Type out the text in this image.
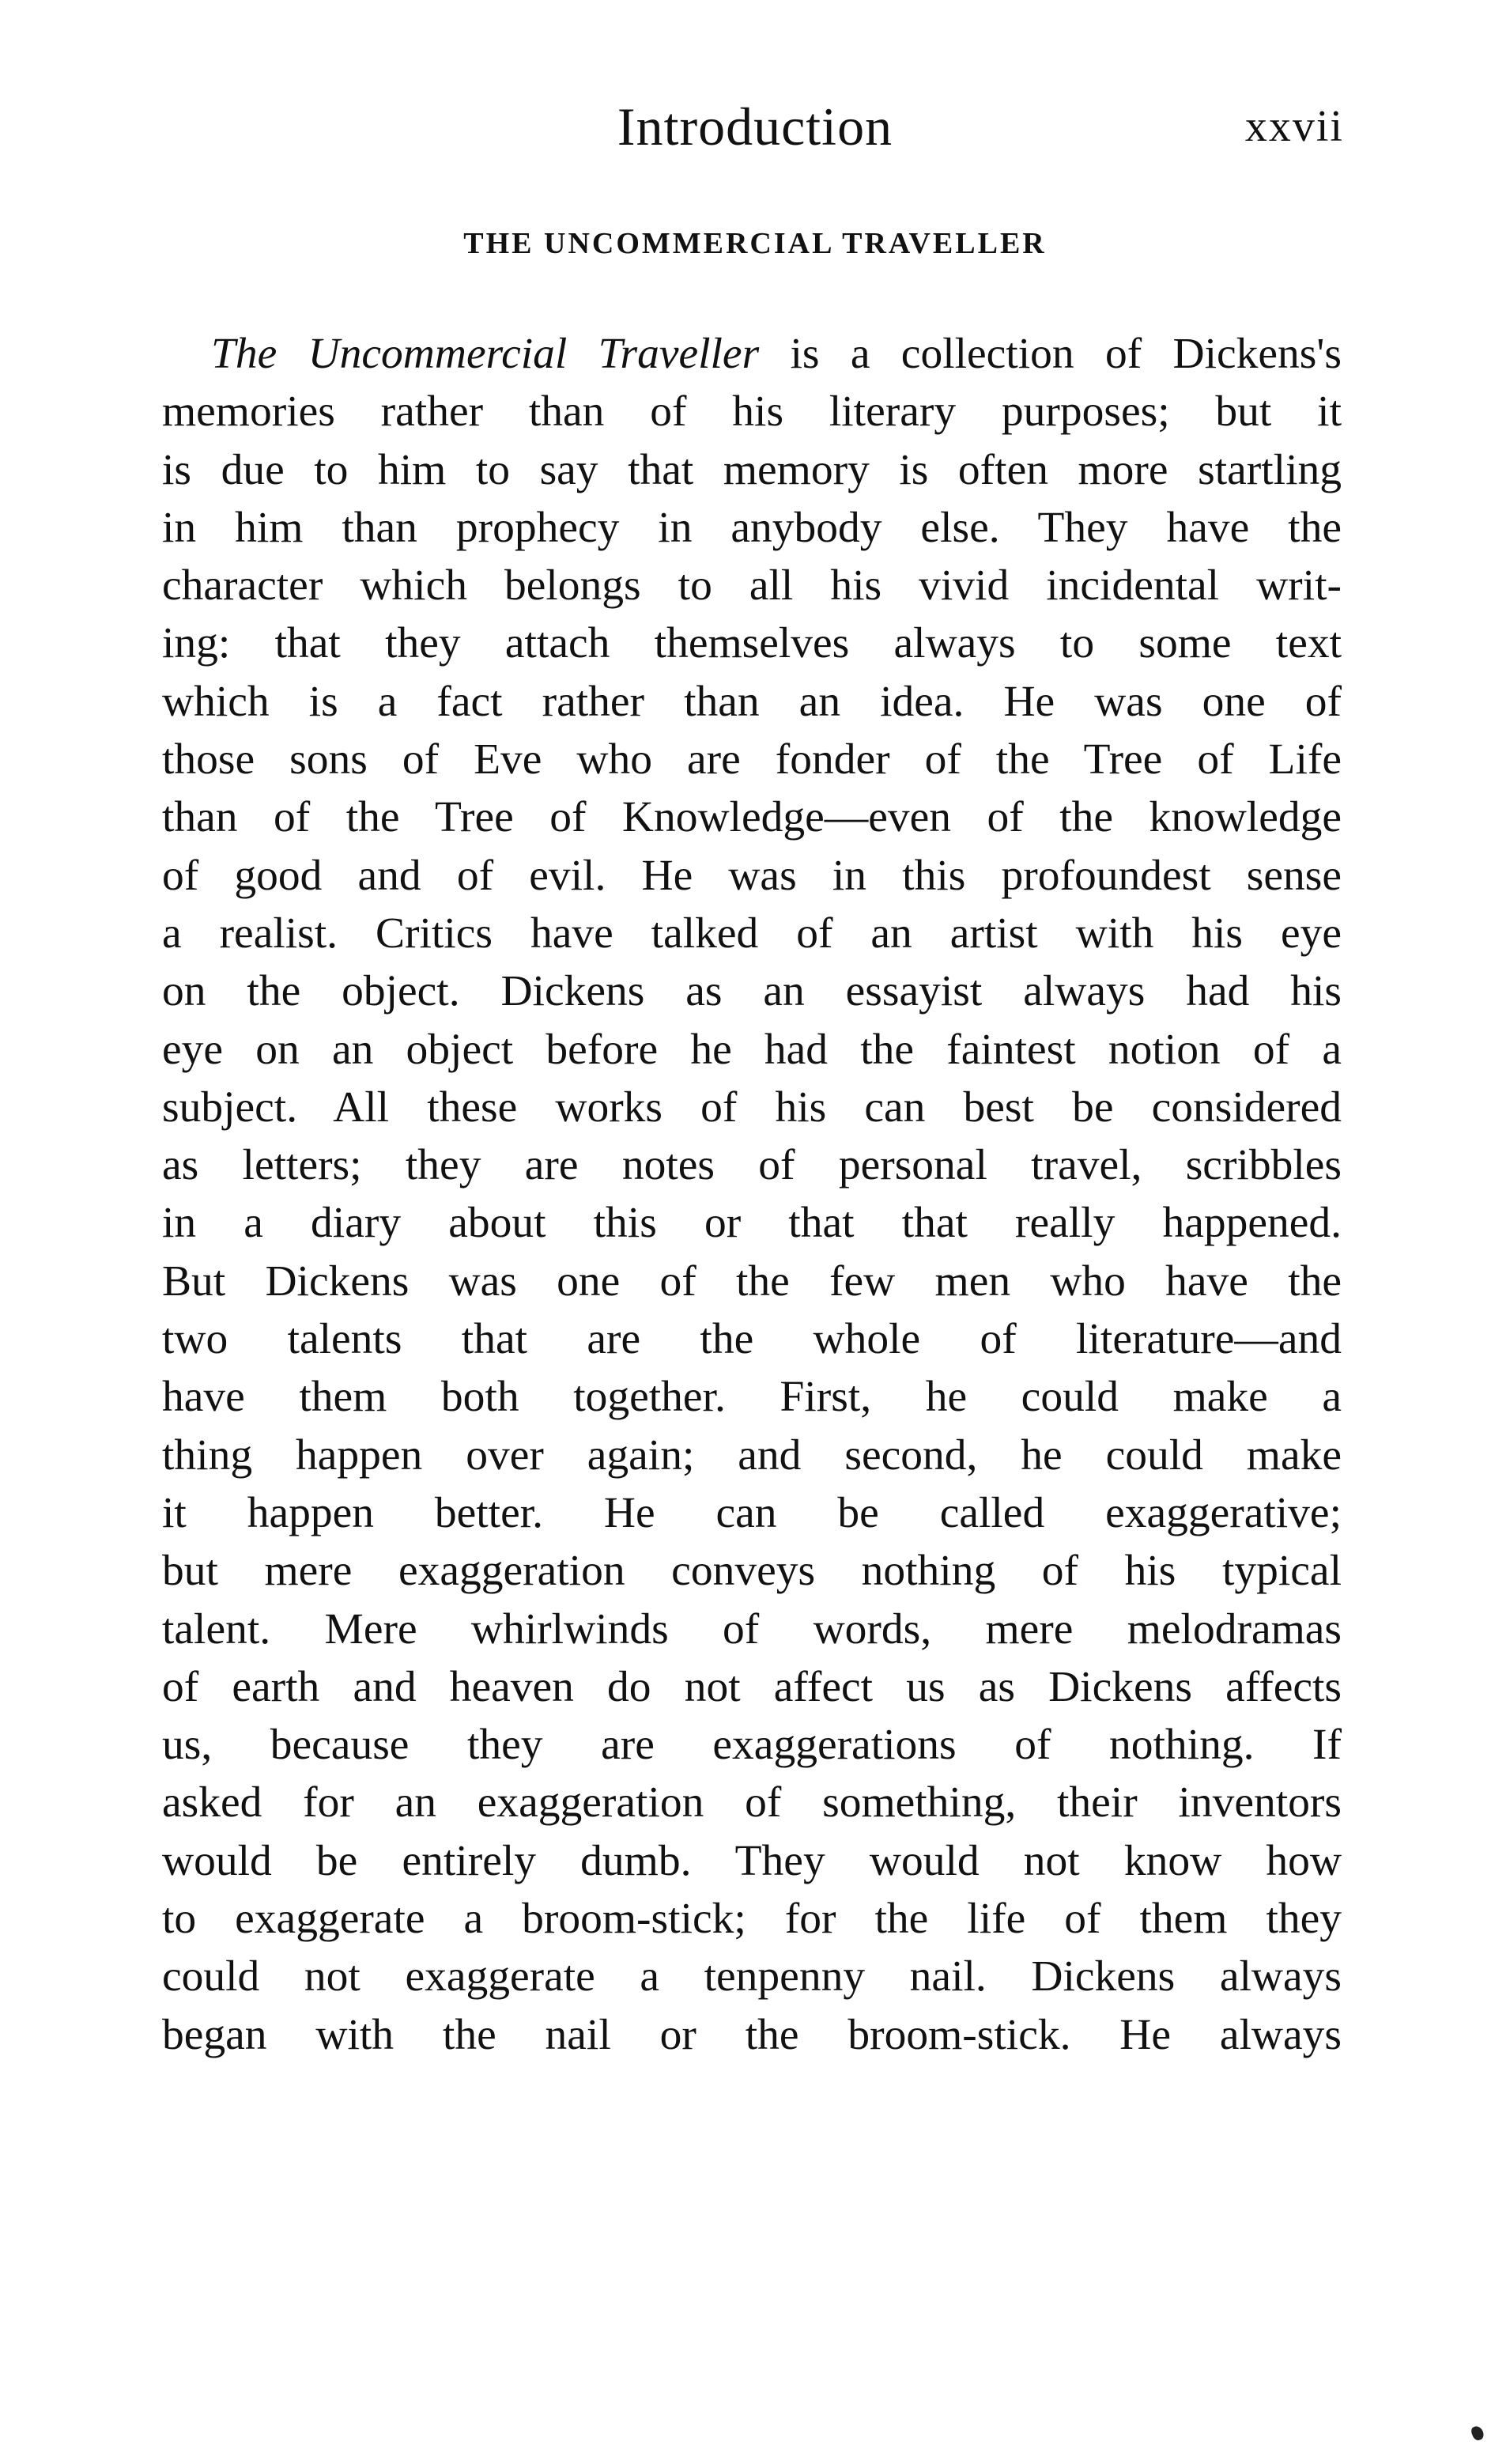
Introduction	xxvii
THE UNCOMMERCIAL TRAVELLER
The Uncommercial Traveller is a collection of Dickens's
memories rather than of his literary purposes; but it
is due to him to say that memory is often more startling
in him than prophecy in anybody else. They have the
character which belongs to all his vivid incidental writ-
ing: that they attach themselves always to some text
which is a fact rather than an idea. He was one of
those sons of Eve who are fonder of the Tree of Life
than of the Tree of Knowledge—even of the knowledge
of good and of evil. He was in this profoundest sense
a realist. Critics have talked of an artist with his eye
on the object. Dickens as an essayist always had his
eye on an object before he had the faintest notion of a
subject. All these works of his can best be considered
as letters; they are notes of personal travel, scribbles
in a diary about this or that that really happened.
But Dickens was one of the few men who have the
two talents that are the whole of literature—and
have them both together. First, he could make a
thing happen over again; and second, he could make
it happen better. He can be called exaggerative;
but mere exaggeration conveys nothing of his typical
talent. Mere whirlwinds of words, mere melodramas
of earth and heaven do not affect us as Dickens affects
us, because they are exaggerations of nothing. If
asked for an exaggeration of something, their inventors
would be entirely dumb. They would not know how
to exaggerate a broom-stick; for the life of them they
could not exaggerate a tenpenny nail. Dickens always
began with the nail or the broom-stick. He always
